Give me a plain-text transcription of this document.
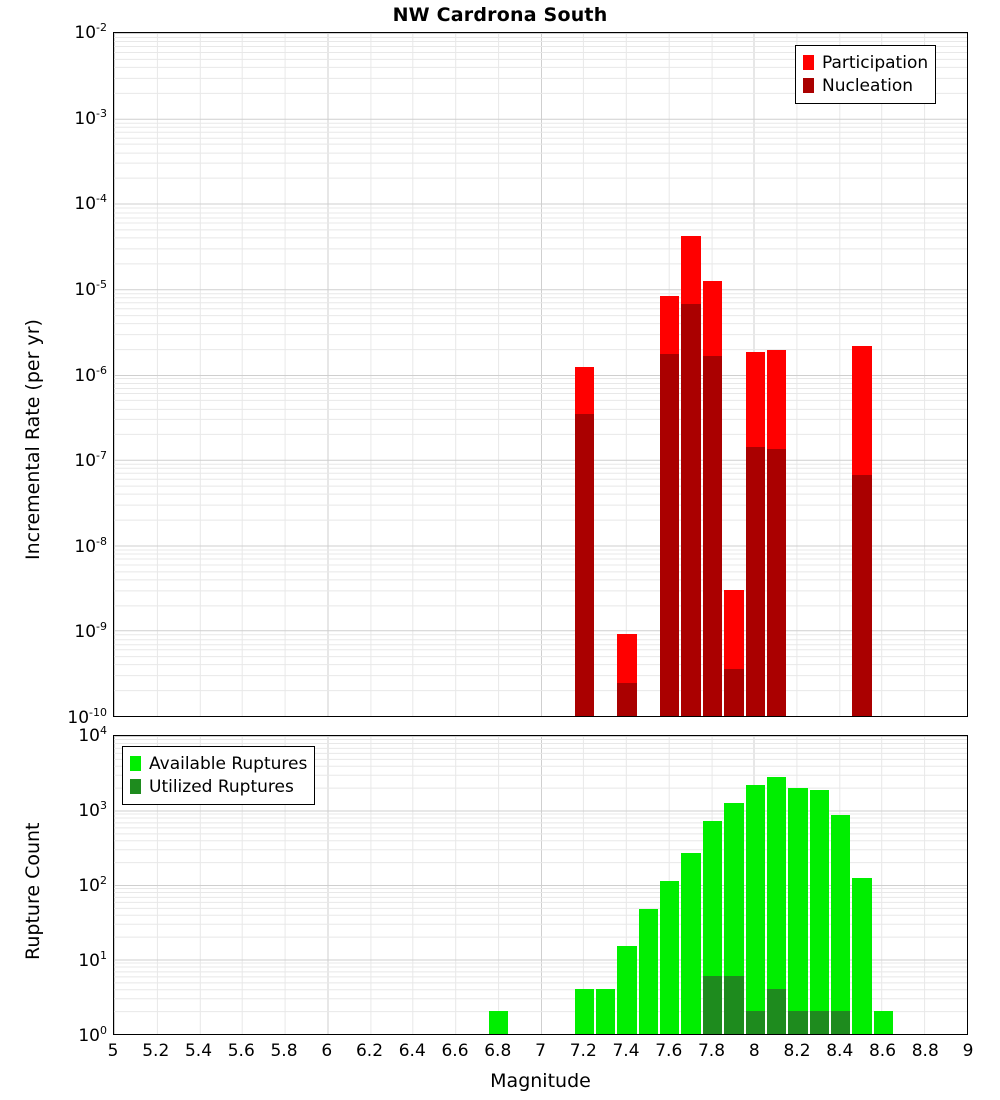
NW Cardrona South
$10^{-10}$
$10^{-9}$
$10^{-8}$
$10^{-7}$
$10^{-6}$
$10^{-5}$
$10^{-4}$
$10^{-3}$
$10^{-2}$
Incremental Rate (per yr)
Participation
Nucleation
$10^0$
$10^1$
$10^2$
$10^3$
$10^4$
5 5.2 5.4 5.6 5.8 6 6.2 6.4 6.6 6.8 7 7.2 7.4 7.6 7.8 8 8.2 8.4 8.6 8.8 9
Rupture Count
Magnitude
Available Ruptures
Utilized Ruptures
